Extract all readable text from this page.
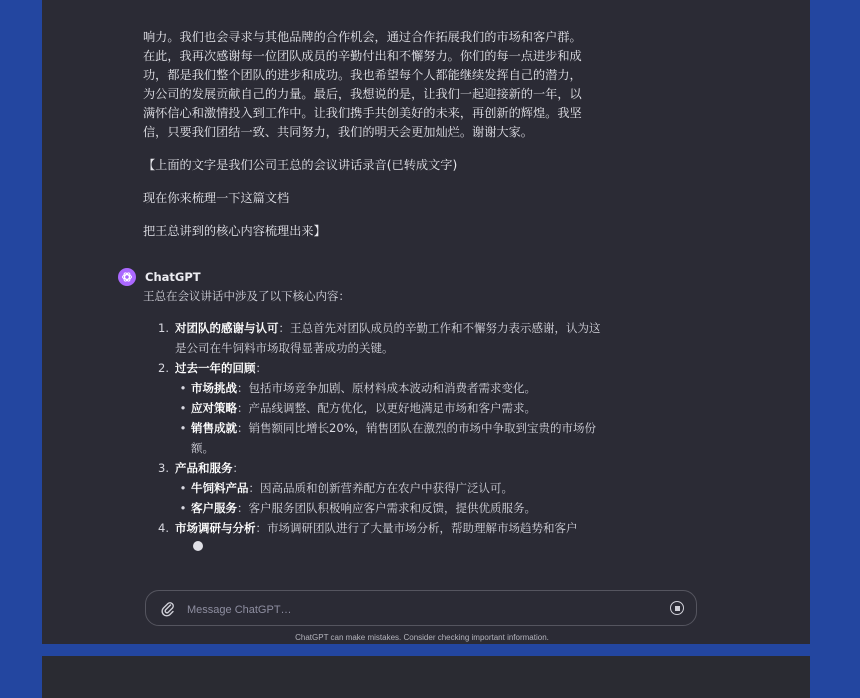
响力。我们也会寻求与其他品牌的合作机会，通过合作拓展我们的市场和客户群。在此，我再次感谢每一位团队成员的辛勤付出和不懈努力。你们的每一点进步和成功，都是我们整个团队的进步和成功。我也希望每个人都能继续发挥自己的潜力，为公司的发展贡献自己的力量。最后，我想说的是，让我们一起迎接新的一年，以满怀信心和激情投入到工作中。让我们携手共创美好的未来，再创新的辉煌。我坚信，只要我们团结一致、共同努力，我们的明天会更加灿烂。谢谢大家。

【上面的文字是我们公司王总的会议讲话录音(已转成文字)

现在你来梳理一下这篇文档

把王总讲到的核心内容梳理出来】

ChatGPT

王总在会议讲话中涉及了以下核心内容：

1. 对团队的感谢与认可：王总首先对团队成员的辛勤工作和不懈努力表示感谢，认为这是公司在牛饲料市场取得显著成功的关键。
2. 过去一年的回顾：
• 市场挑战：包括市场竞争加剧、原材料成本波动和消费者需求变化。
• 应对策略：产品线调整、配方优化，以更好地满足市场和客户需求。
• 销售成就：销售额同比增长20%，销售团队在激烈的市场中争取到宝贵的市场份额。
3. 产品和服务：
• 牛饲料产品：因高品质和创新营养配方在农户中获得广泛认可。
• 客户服务：客户服务团队积极响应客户需求和反馈，提供优质服务。
4. 市场调研与分析：市场调研团队进行了大量市场分析，帮助理解市场趋势和客户
Message ChatGPT…
ChatGPT can make mistakes. Consider checking important information.
